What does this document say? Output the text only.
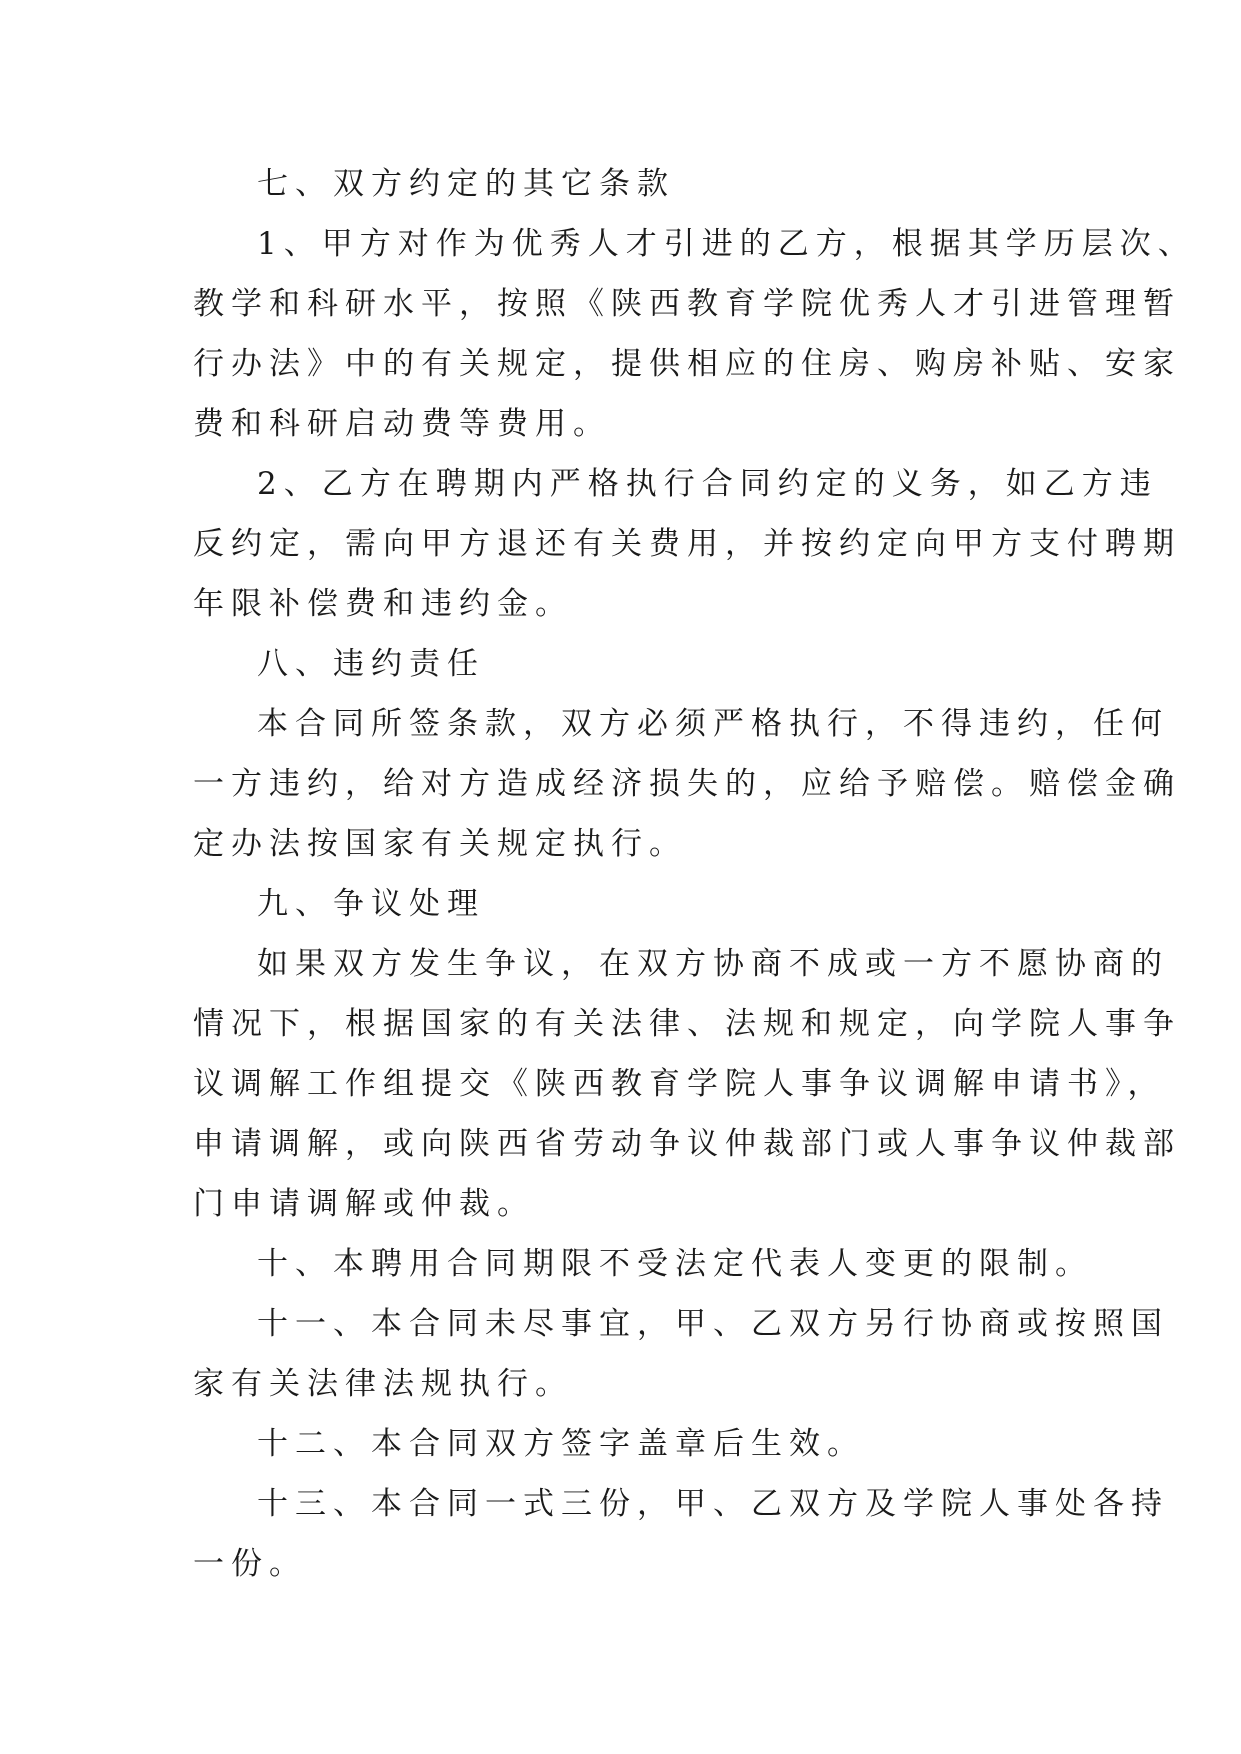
七、双方约定的其它条款
1、甲方对作为优秀人才引进的乙方，根据其学历层次、
教学和科研水平，按照《陕西教育学院优秀人才引进管理暂
行办法》中的有关规定，提供相应的住房、购房补贴、安家
费和科研启动费等费用。
2、乙方在聘期内严格执行合同约定的义务，如乙方违
反约定，需向甲方退还有关费用，并按约定向甲方支付聘期
年限补偿费和违约金。
八、违约责任
本合同所签条款，双方必须严格执行，不得违约，任何
一方违约，给对方造成经济损失的，应给予赔偿。赔偿金确
定办法按国家有关规定执行。
九、争议处理
如果双方发生争议，在双方协商不成或一方不愿协商的
情况下，根据国家的有关法律、法规和规定，向学院人事争
议调解工作组提交《陕西教育学院人事争议调解申请书》，
申请调解，或向陕西省劳动争议仲裁部门或人事争议仲裁部
门申请调解或仲裁。
十、本聘用合同期限不受法定代表人变更的限制。
十一、本合同未尽事宜，甲、乙双方另行协商或按照国
家有关法律法规执行。
十二、本合同双方签字盖章后生效。
十三、本合同一式三份，甲、乙双方及学院人事处各持
一份。
